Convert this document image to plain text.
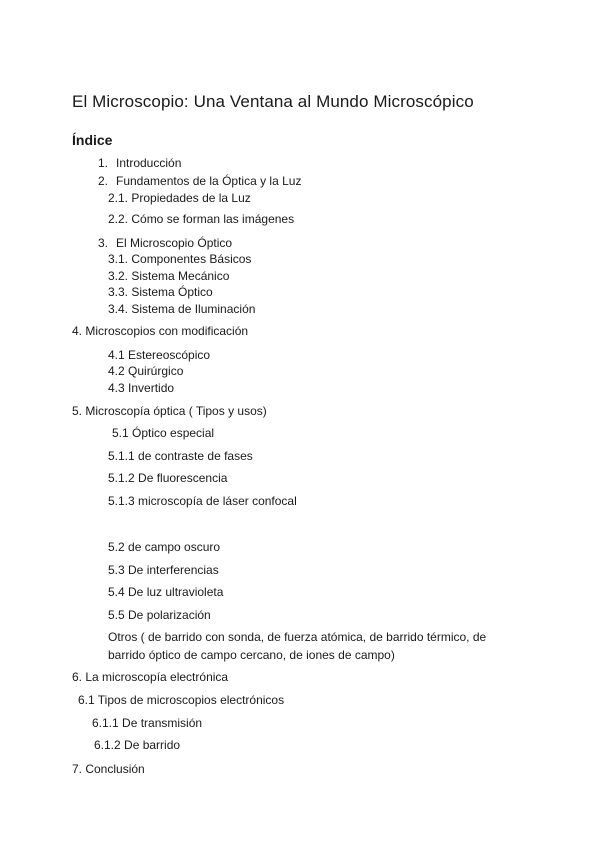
El Microscopio: Una Ventana al Mundo Microscópico
Índice
1. Introducción
2. Fundamentos de la Óptica y la Luz
2.1. Propiedades de la Luz
2.2. Cómo se forman las imágenes
3. El Microscopio Óptico
3.1. Componentes Básicos
3.2. Sistema Mecánico
3.3. Sistema Óptico
3.4. Sistema de Iluminación
4. Microscopios con modificación
4.1 Estereoscópico
4.2 Quirúrgico
4.3 Invertido
5. Microscopía óptica ( Tipos y usos)
5.1 Óptico especial
5.1.1 de contraste de fases
5.1.2 De fluorescencia
5.1.3 microscopía de láser confocal
5.2 de campo oscuro
5.3 De interferencias
5.4 De luz ultravioleta
5.5 De polarización
Otros ( de barrido con sonda, de fuerza atómica, de barrido térmico, de
barrido óptico de campo cercano, de iones de campo)
6. La microscopía electrónica
6.1 Tipos de microscopios electrónicos
6.1.1 De transmisión
6.1.2 De barrido
7. Conclusión
